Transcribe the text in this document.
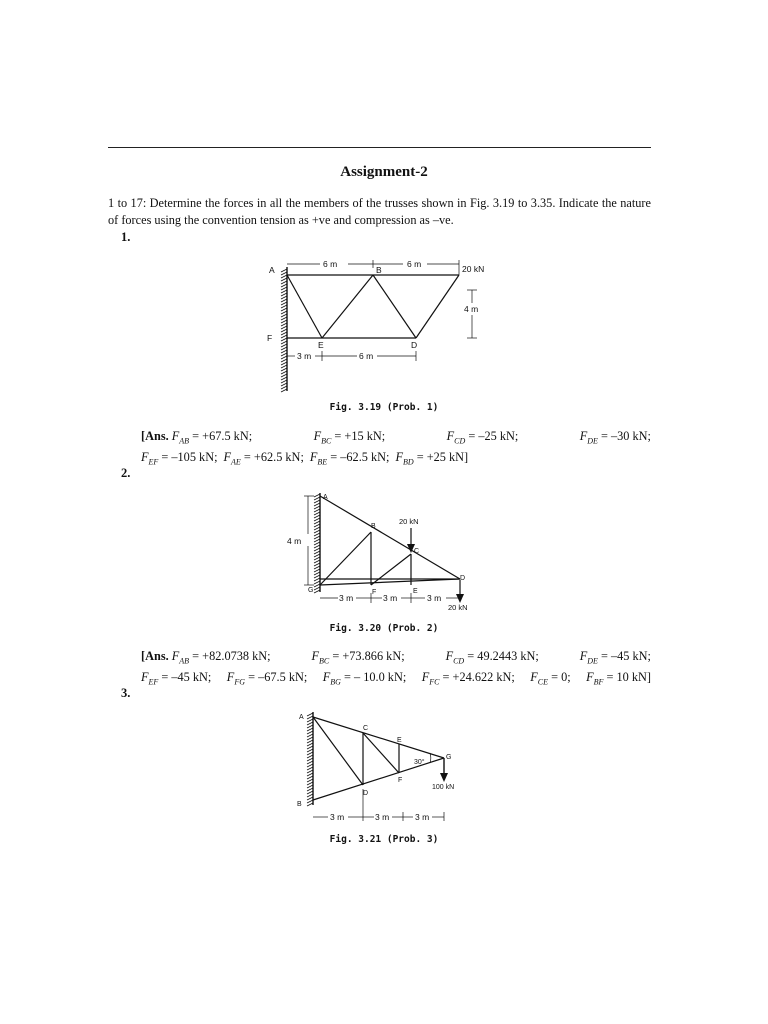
Assignment-2
1 to 17: Determine the forces in all the members of the trusses shown in Fig. 3.19 to 3.35. Indicate the nature of forces using the convention tension as +ve and compression as –ve.
1.
6 m	6 m
4 m
3 m	6 m
20 kN
A	B
D
E
F
Fig. 3.19 (Prob. 1)
[Ans. $F_{AB} = +67.5$ kN;	$F_{BC} = +15$ kN;	$F_{CD} = -25$ kN;	$F_{DE} = -30$ kN;
$F_{EF} = -105$ kN; $F_{AE} = +62.5$ kN; $F_{BE} = -62.5$ kN; $F_{BD} = +25$ kN]
2.
4 m
3 m	3 m	3 m
20 kN
20 kN
A
B
C
D
E
F
G
Fig. 3.20 (Prob. 2)
[Ans. $F_{AB} = +82.0738$ kN;	$F_{BC} = +73.866$ kN;	$F_{CD} = 49.2443$ kN;	$F_{DE} = -45$ kN;
$F_{EF} = -45$ kN; $F_{FG} = -67.5$ kN; $F_{BG}$ = – 10.0 kN; $F_{FC} = +24.622$ kN; $F_{CE} = 0$; $F_{BF} = 10$ kN]
3.
3 m	3 m	3 m
30°
100 kN
A
B
C
D
E
F
G
Fig. 3.21 (Prob. 3)
